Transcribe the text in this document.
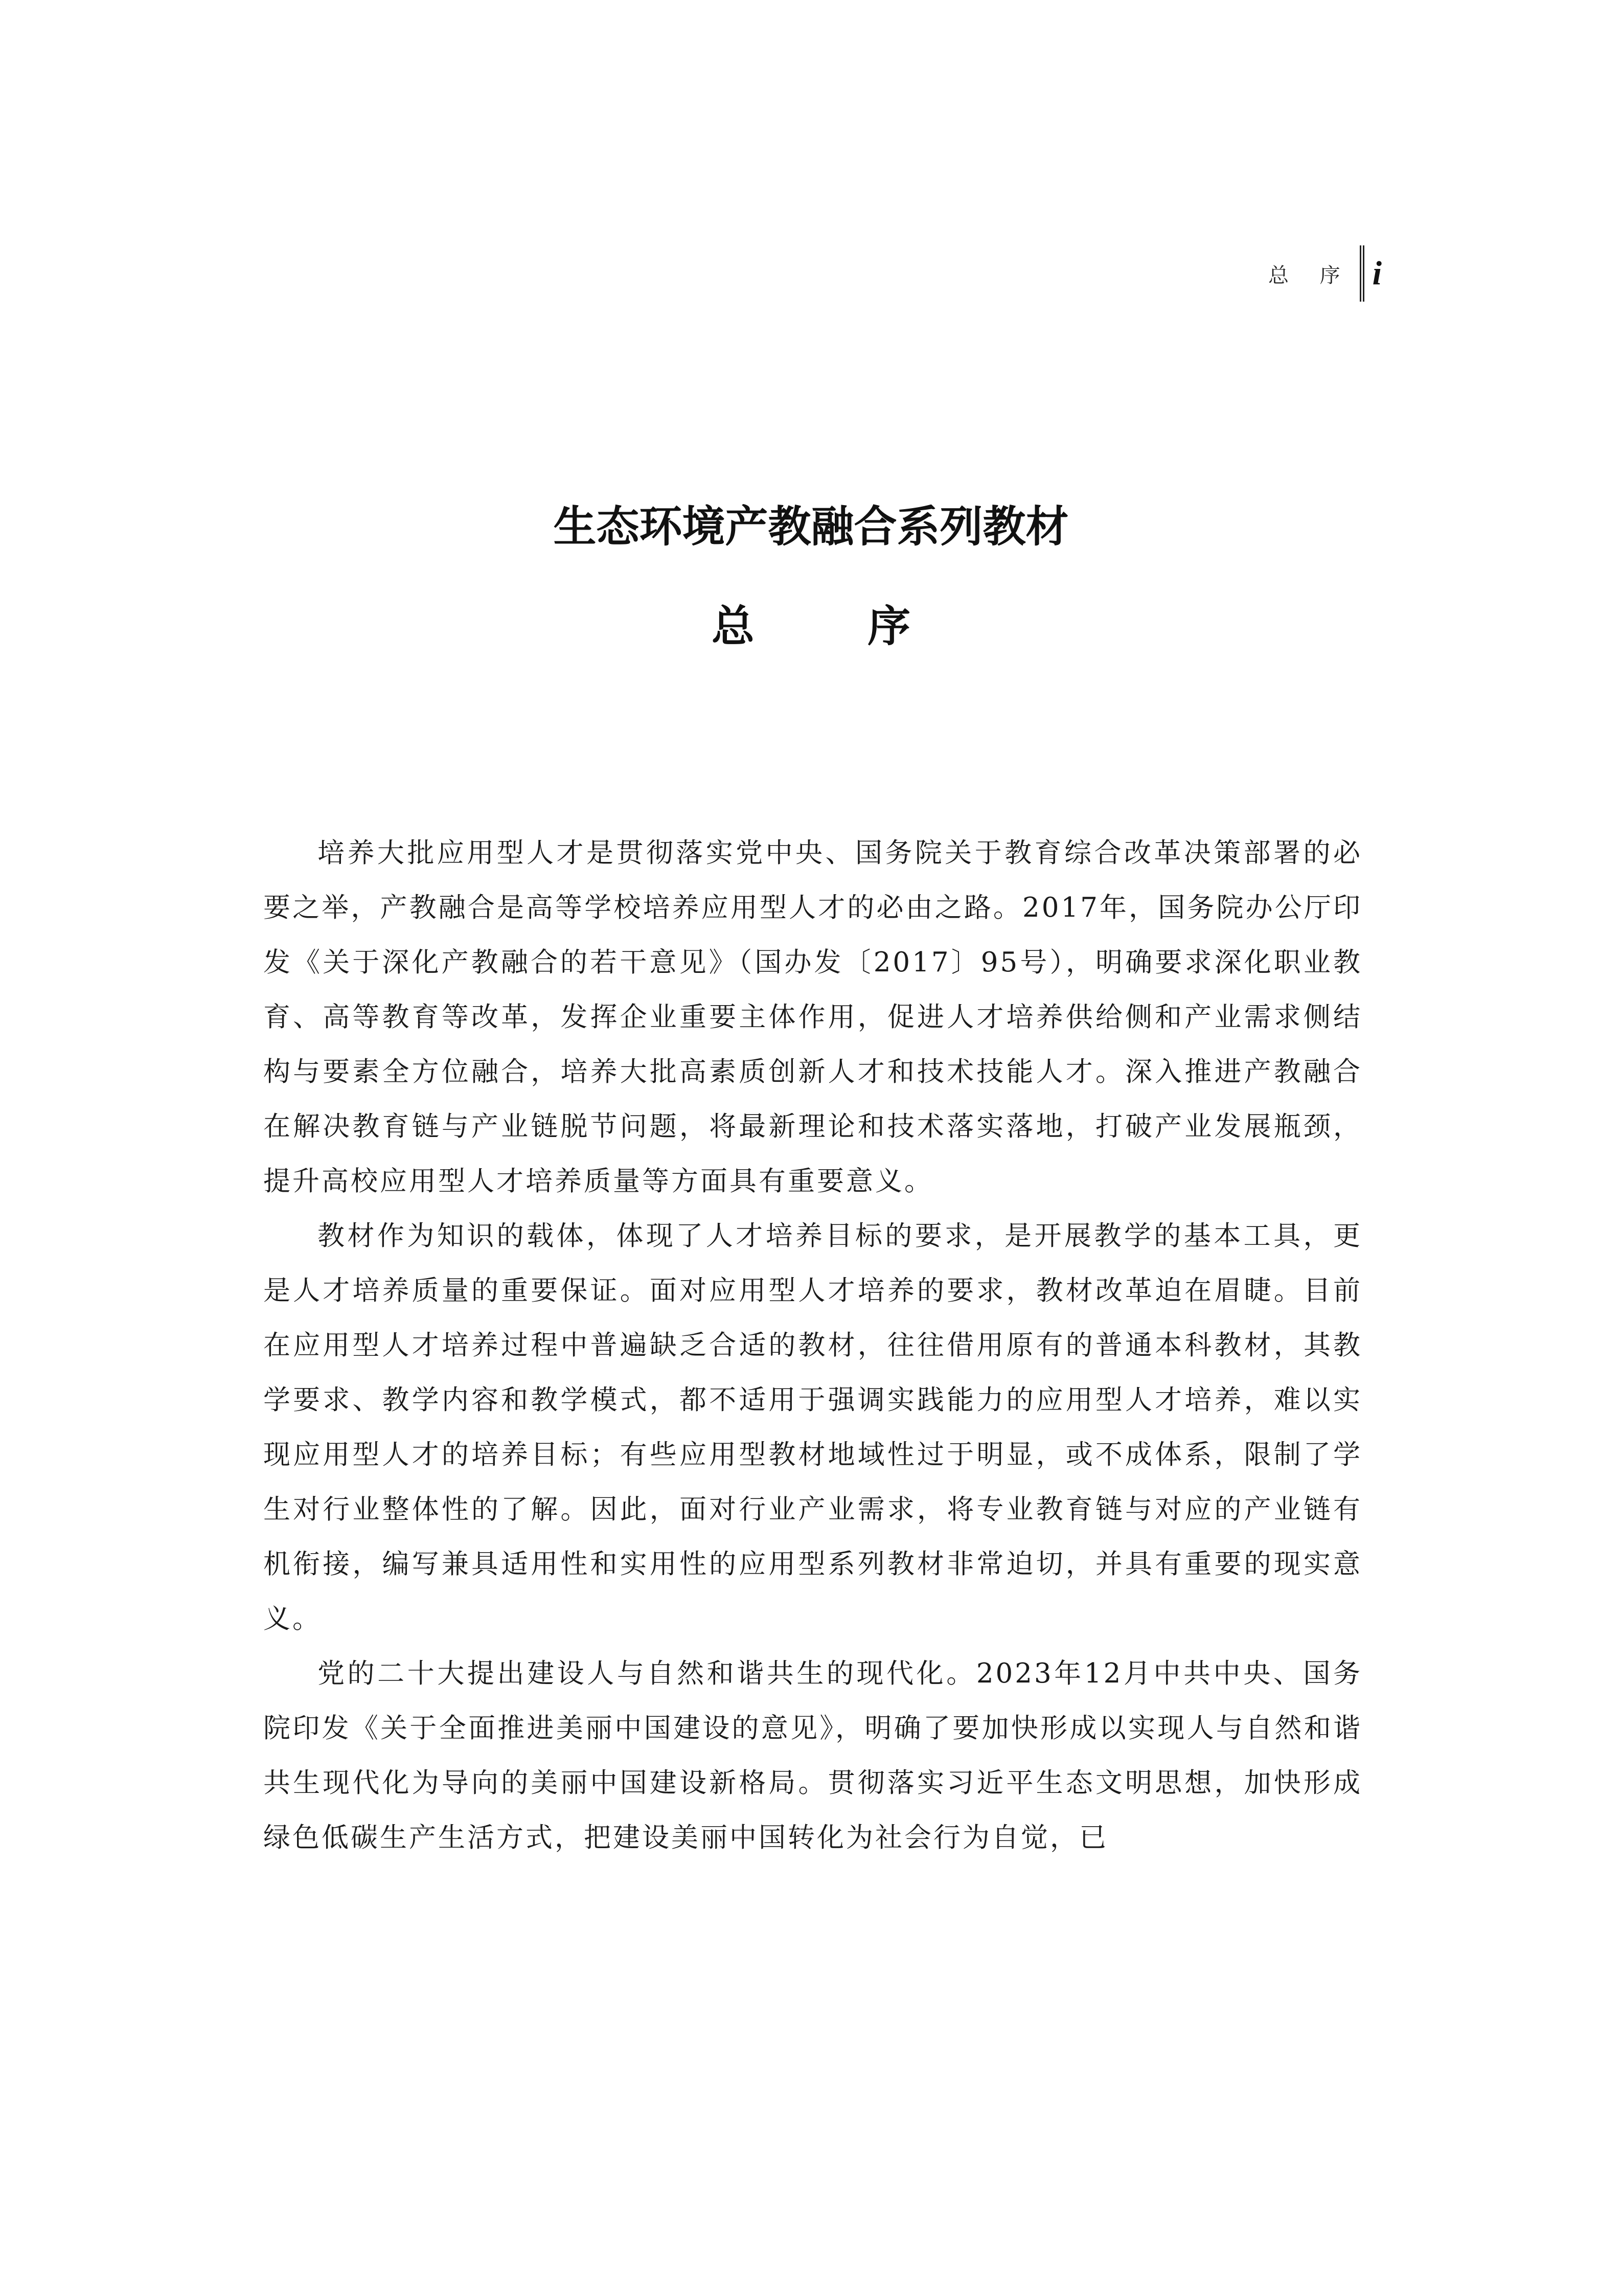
总 序 i
生态环境产教融合系列教材
总 序

培养大批应用型人才是贯彻落实党中央、国务院关于教育综合改革决策部署的必要之举，产教融合是高等学校培养应用型人才的必由之路。2017年，国务院办公厅印发《关于深化产教融合的若干意见》（国办发〔2017〕95号），明确要求深化职业教育、高等教育等改革，发挥企业重要主体作用，促进人才培养供给侧和产业需求侧结构与要素全方位融合，培养大批高素质创新人才和技术技能人才。深入推进产教融合在解决教育链与产业链脱节问题，将最新理论和技术落实落地，打破产业发展瓶颈，提升高校应用型人才培养质量等方面具有重要意义。

教材作为知识的载体，体现了人才培养目标的要求，是开展教学的基本工具，更是人才培养质量的重要保证。面对应用型人才培养的要求，教材改革迫在眉睫。目前在应用型人才培养过程中普遍缺乏合适的教材，往往借用原有的普通本科教材，其教学要求、教学内容和教学模式，都不适用于强调实践能力的应用型人才培养，难以实现应用型人才的培养目标；有些应用型教材地域性过于明显，或不成体系，限制了学生对行业整体性的了解。因此，面对行业产业需求，将专业教育链与对应的产业链有机衔接，编写兼具适用性和实用性的应用型系列教材非常迫切，并具有重要的现实意义。

党的二十大提出建设人与自然和谐共生的现代化。2023年12月中共中央、国务院印发《关于全面推进美丽中国建设的意见》，明确了要加快形成以实现人与自然和谐共生现代化为导向的美丽中国建设新格局。贯彻落实习近平生态文明思想，加快形成绿色低碳生产生活方式，把建设美丽中国转化为社会行为自觉，已
